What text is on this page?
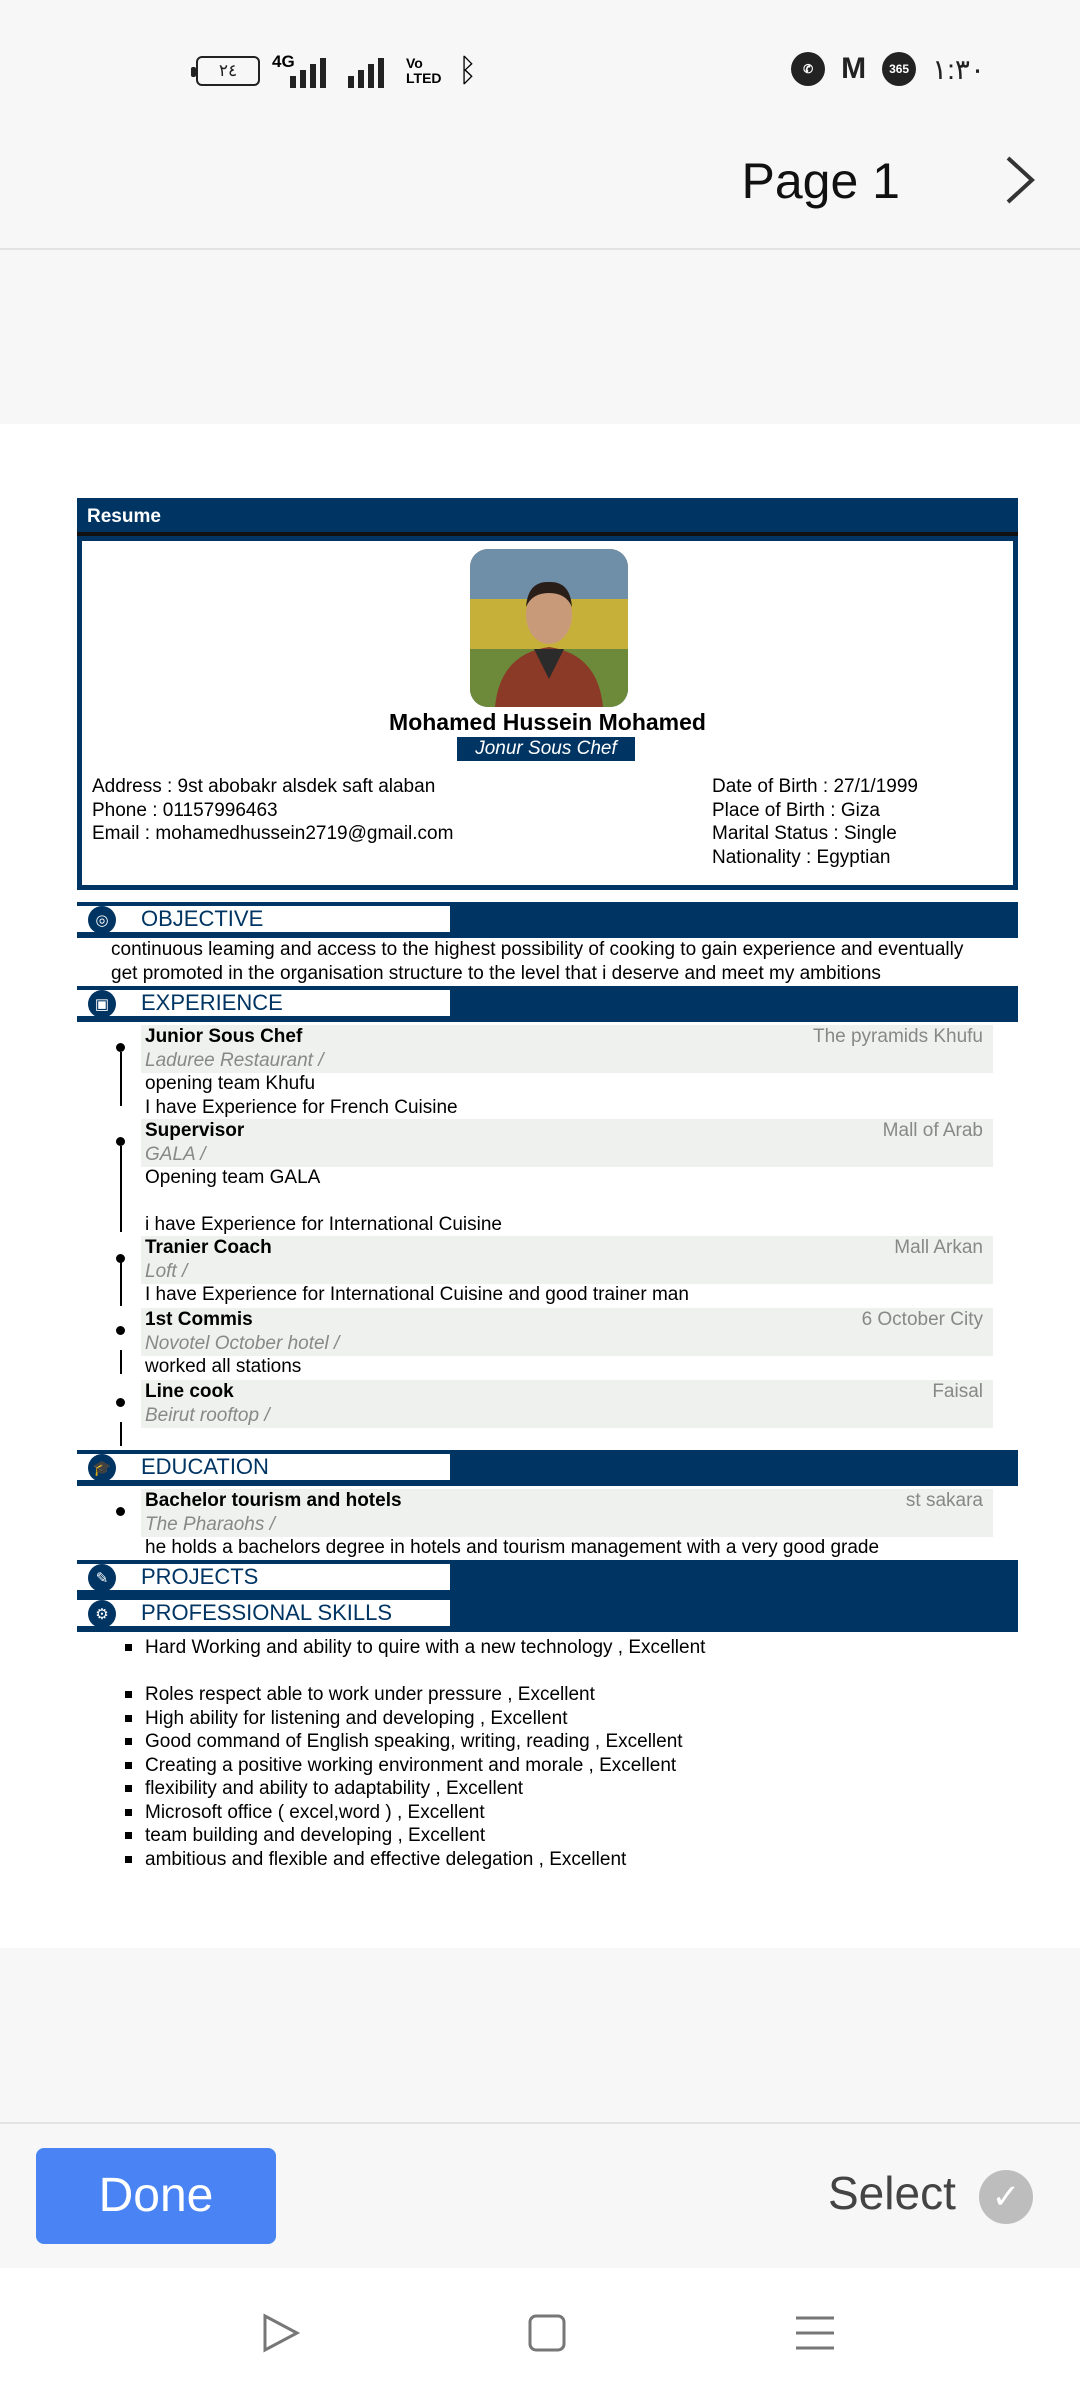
٢٤	4G	Vo
LTED ᛒ	✆ M	365 ١:٣٠
Page 1
Resume
Mohamed Hussein Mohamed
Jonur Sous Chef
Address : 9st abobakr alsdek saft alaban
Phone : 01157996463
Email : mohamedhussein2719@gmail.com
Date of Birth : 27/1/1999
Place of Birth : Giza
Marital Status : Single
Nationality : Egyptian
◎	OBJECTIVE
continuous leaming and access to the highest possibility of cooking to gain experience and eventually
get promoted in the organisation structure to the level that i deserve and meet my ambitions
▣	EXPERIENCE
Junior Sous Chef
Laduree Restaurant /
The pyramids Khufu
opening team Khufu
I have Experience for French Cuisine
Supervisor
GALA /
Mall of Arab
Opening team GALA
i have Experience for International Cuisine
Tranier Coach
Loft /
Mall Arkan
I have Experience for International Cuisine and good trainer man
1st Commis
Novotel October hotel /
6 October City
worked all stations
Line cook
Beirut rooftop /
Faisal
🎓 EDUCATION
Bachelor tourism and hotels
The Pharaohs /
st sakara
he holds a bachelors degree in hotels and tourism management with a very good grade
✎	PROJECTS
⚙	PROFESSIONAL SKILLS
Hard Working and ability to quire with a new technology , Excellent
Roles respect able to work under pressure , Excellent
High ability for listening and developing , Excellent
Good command of English speaking, writing, reading , Excellent
Creating a positive working environment and morale , Excellent
flexibility and ability to adaptability , Excellent
Microsoft office ( excel,word ) , Excellent
team building and developing , Excellent
ambitious and flexible and effective delegation , Excellent
Done	Select	✓
